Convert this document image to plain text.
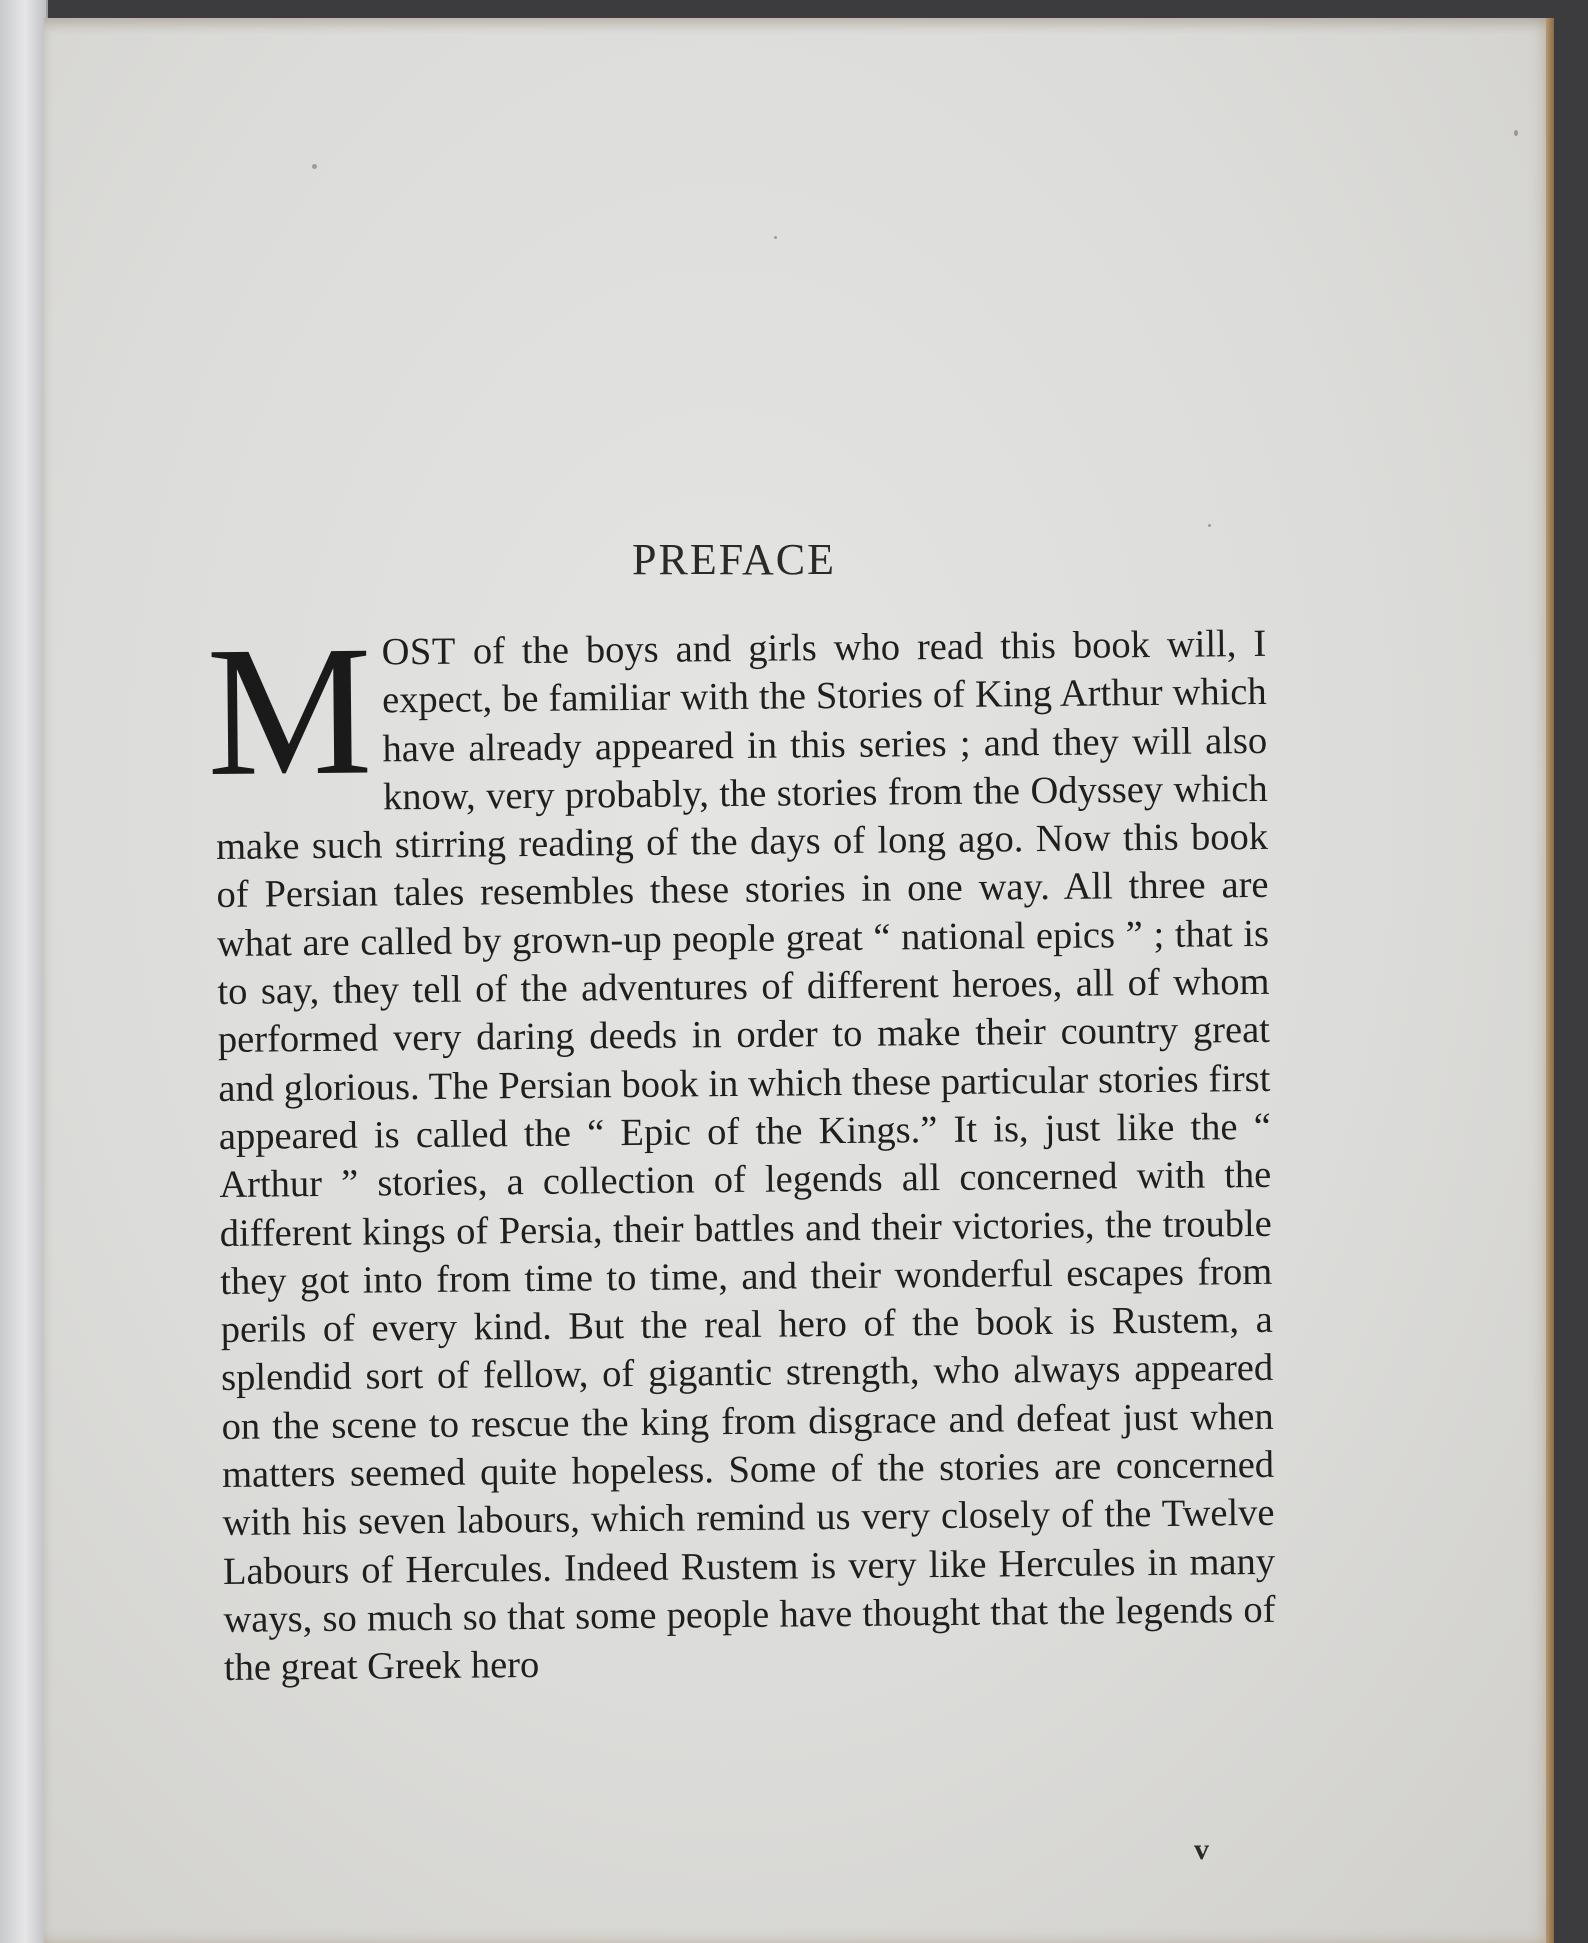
PREFACE
MOST of the boys and girls who read this book will, I expect, be familiar with the Stories of King Arthur which have already appeared in this series ; and they will also know, very probably, the stories from the Odyssey which make such stirring reading of the days of long ago. Now this book of Persian tales resembles these stories in one way. All three are what are called by grown-up people great “ national epics ” ; that is to say, they tell of the adventures of different heroes, all of whom performed very daring deeds in order to make their country great and glorious. The Persian book in which these particular stories first appeared is called the “ Epic of the Kings.” It is, just like the “ Arthur ” stories, a collection of legends all concerned with the different kings of Persia, their battles and their victories, the trouble they got into from time to time, and their wonderful escapes from perils of every kind. But the real hero of the book is Rustem, a splendid sort of fellow, of gigantic strength, who always appeared on the scene to rescue the king from disgrace and defeat just when matters seemed quite hopeless. Some of the stories are concerned with his seven labours, which remind us very closely of the Twelve Labours of Hercules. Indeed Rustem is very like Hercules in many ways, so much so that some people have thought that the legends of the great Greek hero
v
